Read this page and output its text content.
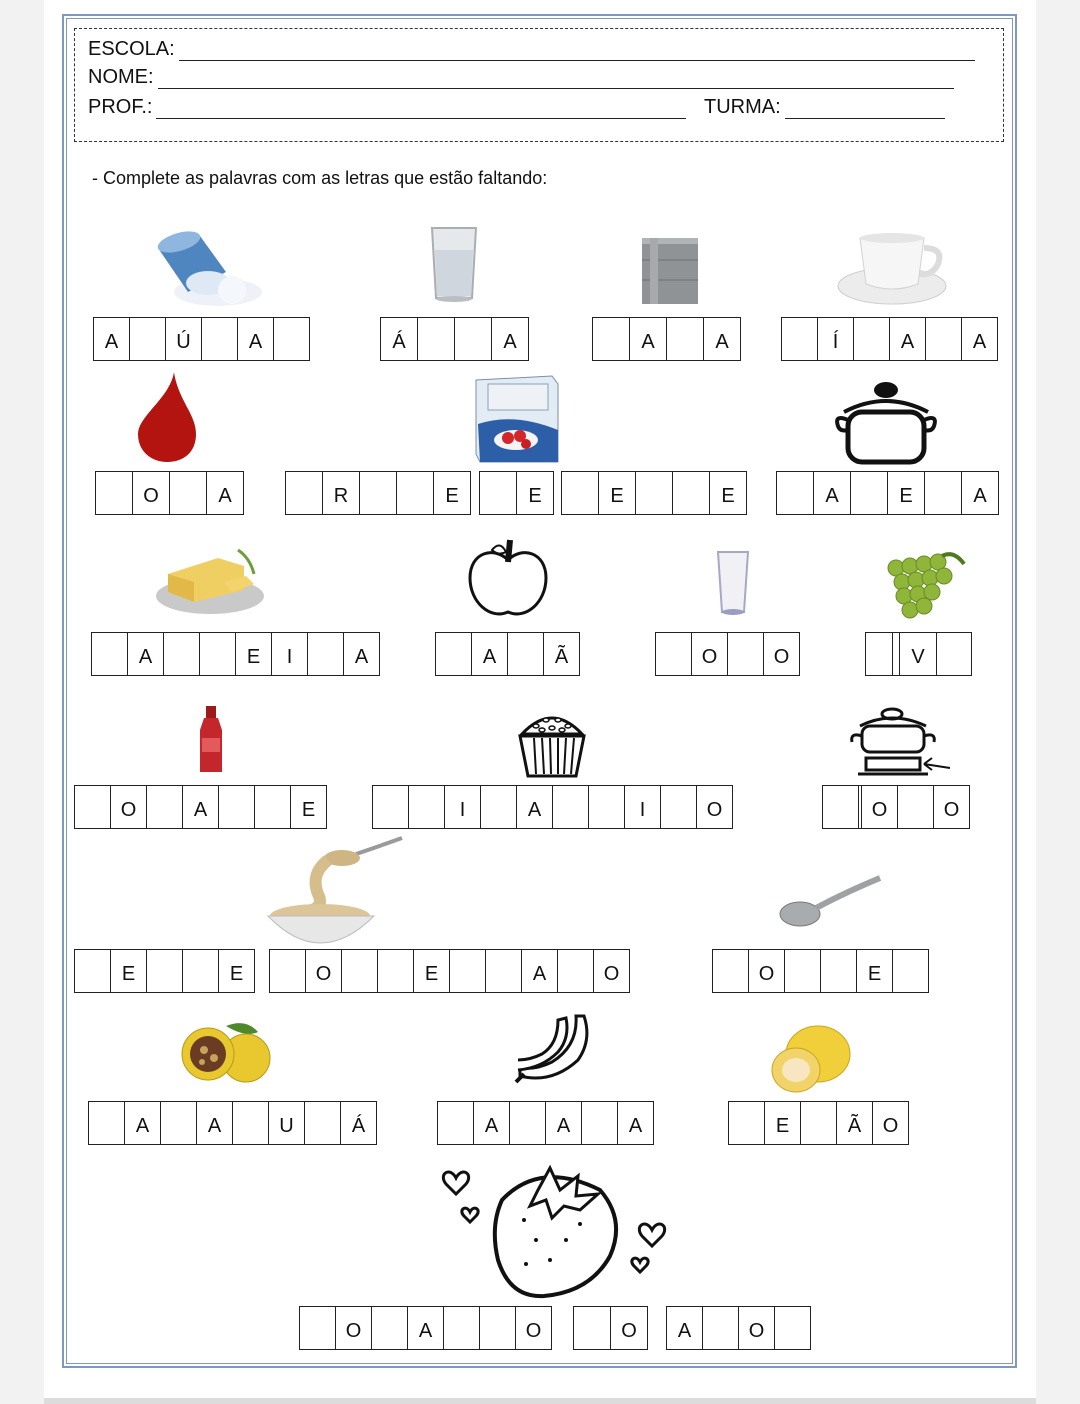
ESCOLA:
NOME:
PROF.:	TURMA:
- Complete as palavras com as letras que estão faltando:
A	Ú	A	Á	A	A	A	Í	A	A
O	A	R	E	E	E	E	A	E	A
A	E	I	A	A	Ã	O	O	V
O	A	E	I	A	I	O	O	O
E	E	O	E	A	O	O	E
A	A	U	Á	A	A	A	E	Ã	O
O	A	O	O	A	O
